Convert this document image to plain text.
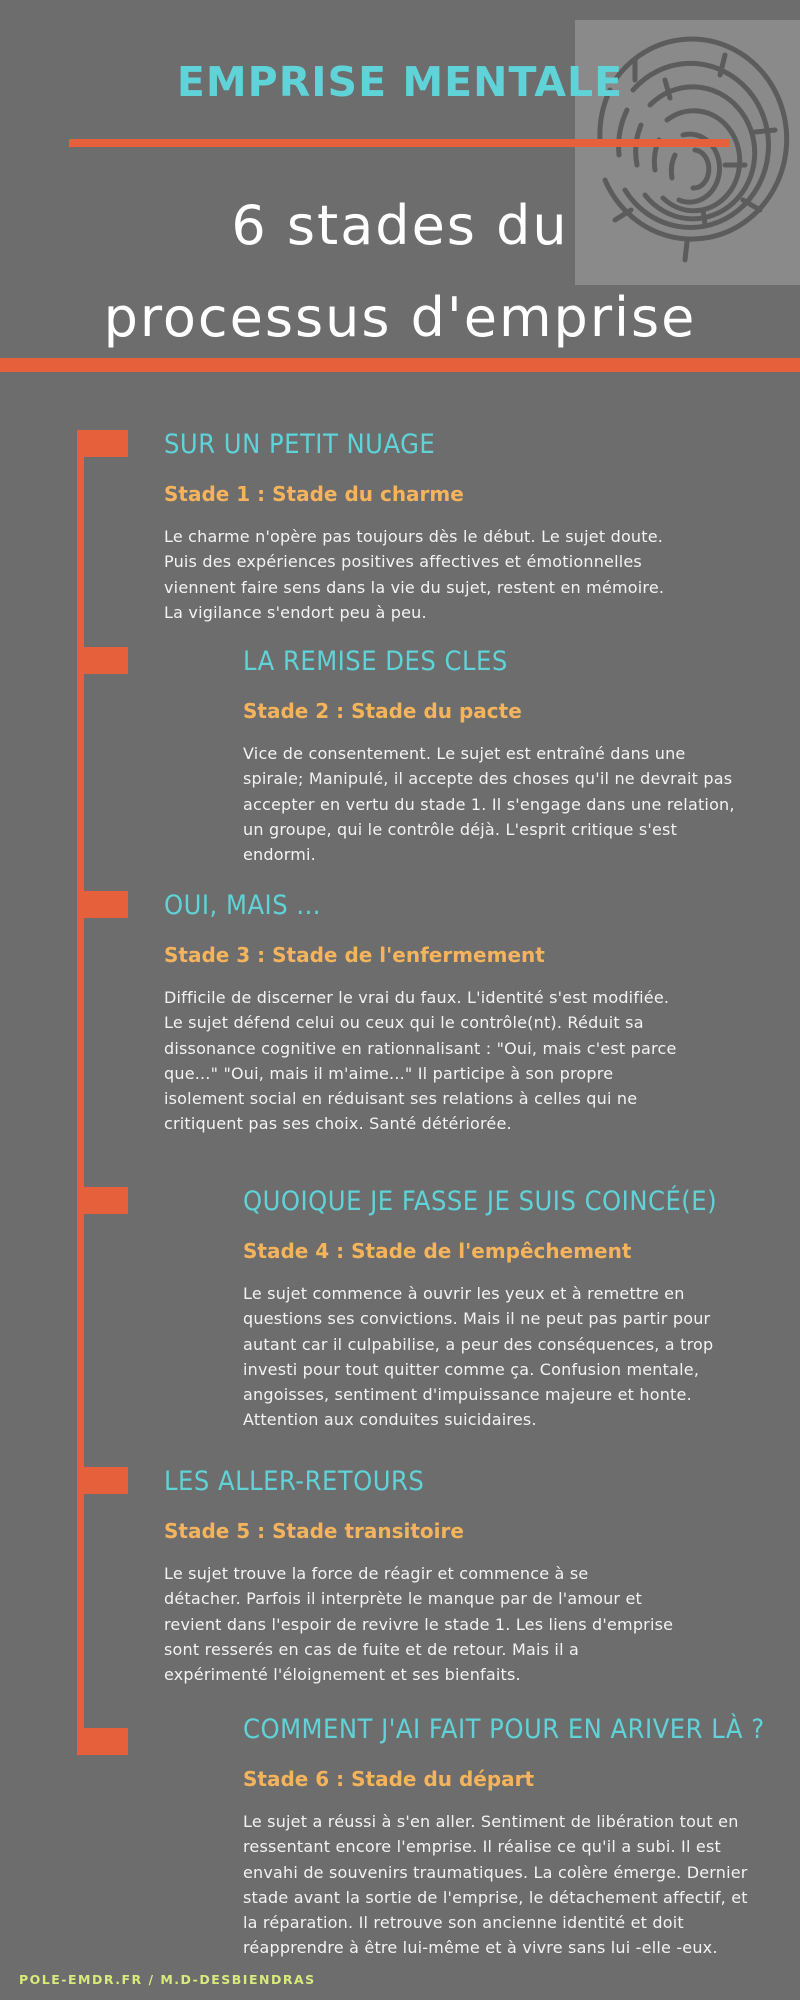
EMPRISE MENTALE
6 stades du
processus d'emprise

SUR UN PETIT NUAGE

Stade 1 : Stade du charme

Le charme n'opère pas toujours dès le début. Le sujet doute.
Puis des expériences positives affectives et émotionnelles
viennent faire sens dans la vie du sujet, restent en mémoire.
La vigilance s'endort peu à peu.

LA REMISE DES CLES

Stade 2 : Stade du pacte

Vice de consentement. Le sujet est entraîné dans une
spirale; Manipulé, il accepte des choses qu'il ne devrait pas
accepter en vertu du stade 1. Il s'engage dans une relation,
un groupe, qui le contrôle déjà. L'esprit critique s'est
endormi.

OUI, MAIS ...

Stade 3 : Stade de l'enfermement

Difficile de discerner le vrai du faux. L'identité s'est modifiée.
Le sujet défend celui ou ceux qui le contrôle(nt). Réduit sa
dissonance cognitive en rationnalisant : "Oui, mais c'est parce
que..." "Oui, mais il m'aime..." Il participe à son propre
isolement social en réduisant ses relations à celles qui ne
critiquent pas ses choix. Santé détériorée.

QUOIQUE JE FASSE JE SUIS COINCÉ(E)

Stade 4 : Stade de l'empêchement

Le sujet commence à ouvrir les yeux et à remettre en
questions ses convictions. Mais il ne peut pas partir pour
autant car il culpabilise, a peur des conséquences, a trop
investi pour tout quitter comme ça. Confusion mentale,
angoisses, sentiment d'impuissance majeure et honte.
Attention aux conduites suicidaires.

LES ALLER-RETOURS

Stade 5 : Stade transitoire

Le sujet trouve la force de réagir et commence à se
détacher. Parfois il interprète le manque par de l'amour et
revient dans l'espoir de revivre le stade 1. Les liens d'emprise
sont resserés en cas de fuite et de retour. Mais il a
expérimenté l'éloignement et ses bienfaits.

COMMENT J'AI FAIT POUR EN ARIVER LÀ ?

Stade 6 : Stade du départ

Le sujet a réussi à s'en aller. Sentiment de libération tout en
ressentant encore l'emprise. Il réalise ce qu'il a subi. Il est
envahi de souvenirs traumatiques. La colère émerge. Dernier
stade avant la sortie de l'emprise, le détachement affectif, et
la réparation. Il retrouve son ancienne identité et doit
réapprendre à être lui-même et à vivre sans lui -elle -eux.

POLE-EMDR.FR / M.D-DESBIENDRAS
